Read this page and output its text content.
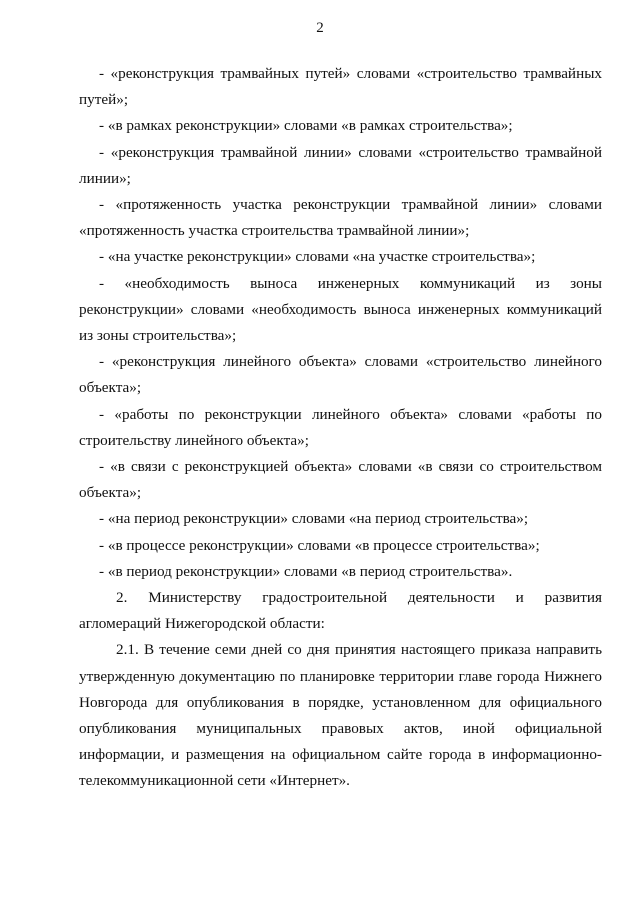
2

- «реконструкция трамвайных путей» словами «строительство трамвайных путей»;

- «в рамках реконструкции» словами «в рамках строительства»;

- «реконструкция трамвайной линии» словами «строительство трамвайной линии»;

- «протяженность участка реконструкции трамвайной линии» словами «протяженность участка строительства трамвайной линии»;

- «на участке реконструкции» словами «на участке строительства»;

- «необходимость выноса инженерных коммуникаций из зоны реконструкции» словами «необходимость выноса инженерных коммуникаций из зоны строительства»;

- «реконструкция линейного объекта» словами «строительство линейного объекта»;

- «работы по реконструкции линейного объекта» словами «работы по строительству линейного объекта»;

- «в связи с реконструкцией объекта» словами «в связи со строительством объекта»;

- «на период реконструкции» словами «на период строительства»;

- «в процессе реконструкции» словами «в процессе строительства»;

- «в период реконструкции» словами «в период строительства».

2. Министерству градостроительной деятельности и развития агломераций Нижегородской области:

2.1. В течение семи дней со дня принятия настоящего приказа направить утвержденную документацию по планировке территории главе города Нижнего Новгорода для опубликования в порядке, установленном для официального опубликования муниципальных правовых актов, иной официальной информации, и размещения на официальном сайте города в информационно-телекоммуникационной сети «Интернет».
